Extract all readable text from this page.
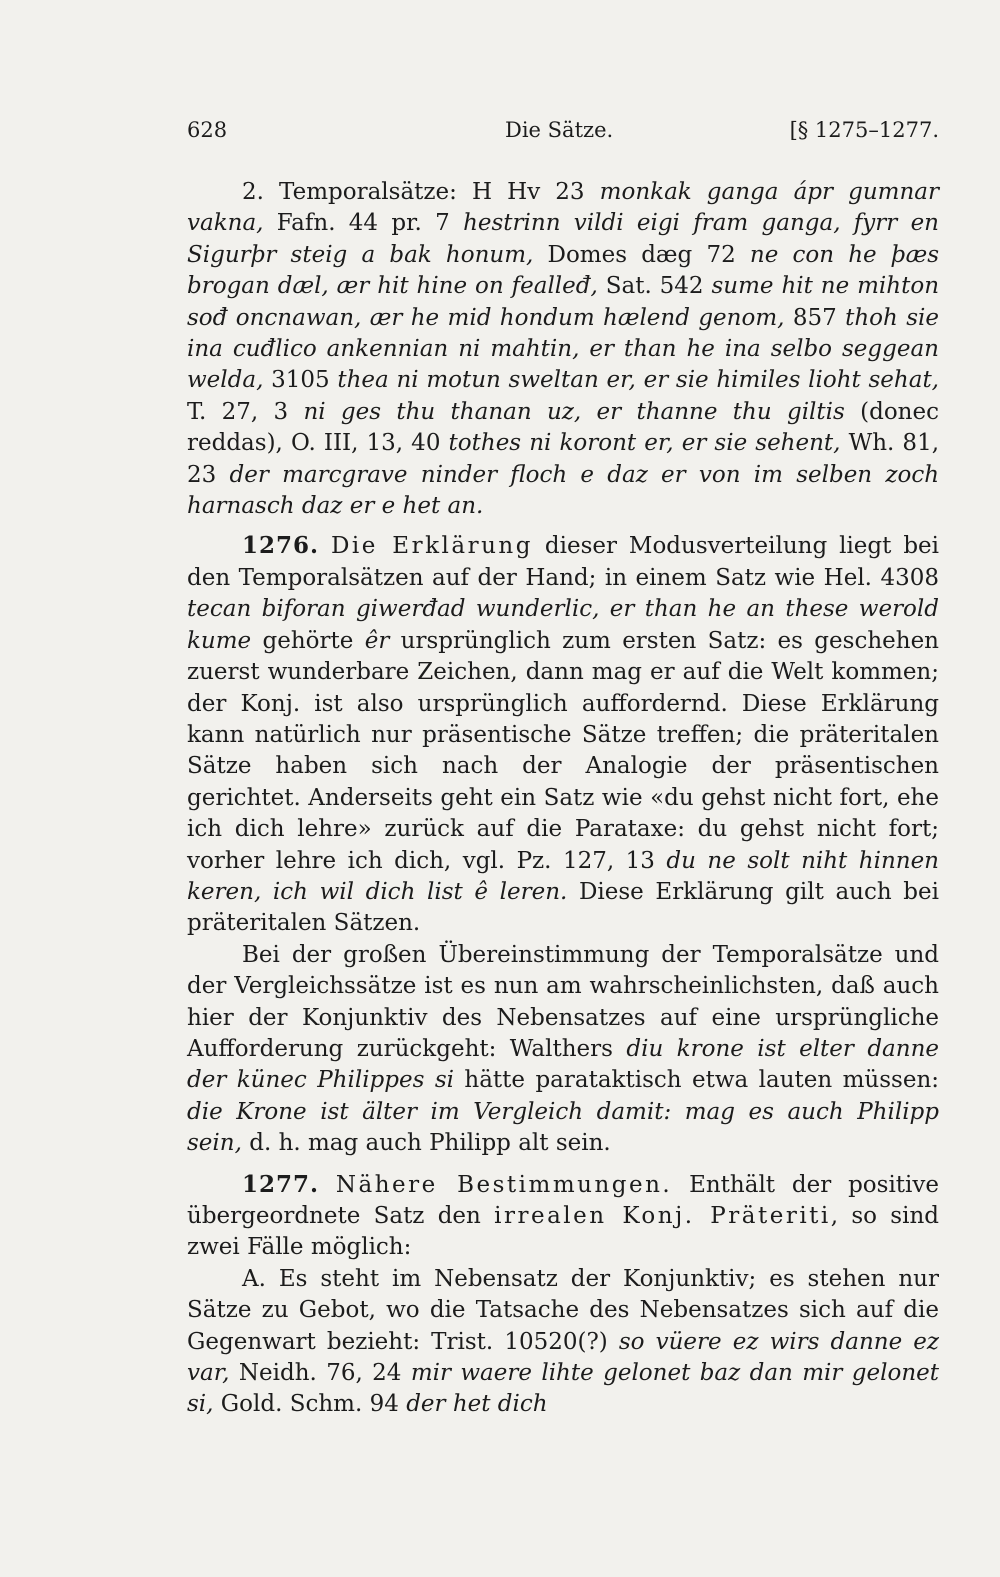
628	Die Sätze.	[§ 1275–1277.

2. Temporalsätze: H Hv 23 monkak ganga ápr gumnar vakna, Fafn. 44 pr. 7 hestrinn vildi eigi fram ganga, fyrr en Sigurþr steig a bak honum, Domes dæg 72 ne con he þæs brogan dæl, ær hit hine on fealleđ, Sat. 542 sume hit ne mihton sođ oncnawan, ær he mid hondum hælend genom, 857 thoh sie ina cuđlico ankennian ni mahtin, er than he ina selbo seggean welda, 3105 thea ni motun sweltan er, er sie himiles lioht sehat, T. 27, 3 ni ges thu thanan uz, er thanne thu giltis (donec reddas), O. III, 13, 40 tothes ni koront er, er sie sehent, Wh. 81, 23 der marcgrave ninder floch e daz er von im selben zoch harnasch daz er e het an.

1276. Die Erklärung dieser Modusverteilung liegt bei den Temporalsätzen auf der Hand; in einem Satz wie Hel. 4308 tecan biforan giwerđad wunderlic, er than he an these werold kume gehörte êr ursprünglich zum ersten Satz: es geschehen zuerst wunderbare Zeichen, dann mag er auf die Welt kommen; der Konj. ist also ursprünglich auffordernd. Diese Erklärung kann natürlich nur präsentische Sätze treffen; die präteritalen Sätze haben sich nach der Analogie der präsentischen gerichtet. Anderseits geht ein Satz wie «du gehst nicht fort, ehe ich dich lehre» zurück auf die Parataxe: du gehst nicht fort; vorher lehre ich dich, vgl. Pz. 127, 13 du ne solt niht hinnen keren, ich wil dich list ê leren. Diese Erklärung gilt auch bei präteritalen Sätzen.

Bei der großen Übereinstimmung der Temporalsätze und der Vergleichssätze ist es nun am wahrscheinlichsten, daß auch hier der Konjunktiv des Nebensatzes auf eine ursprüngliche Aufforderung zurückgeht: Walthers diu krone ist elter danne der künec Philippes si hätte parataktisch etwa lauten müssen: die Krone ist älter im Vergleich damit: mag es auch Philipp sein, d. h. mag auch Philipp alt sein.

1277. Nähere Bestimmungen. Enthält der positive übergeordnete Satz den irrealen Konj. Präteriti, so sind zwei Fälle möglich:

A. Es steht im Nebensatz der Konjunktiv; es stehen nur Sätze zu Gebot, wo die Tatsache des Nebensatzes sich auf die Gegenwart bezieht: Trist. 10520(?) so vüere ez wirs danne ez var, Neidh. 76, 24 mir waere lihte gelonet baz dan mir gelonet si, Gold. Schm. 94 der het dich
